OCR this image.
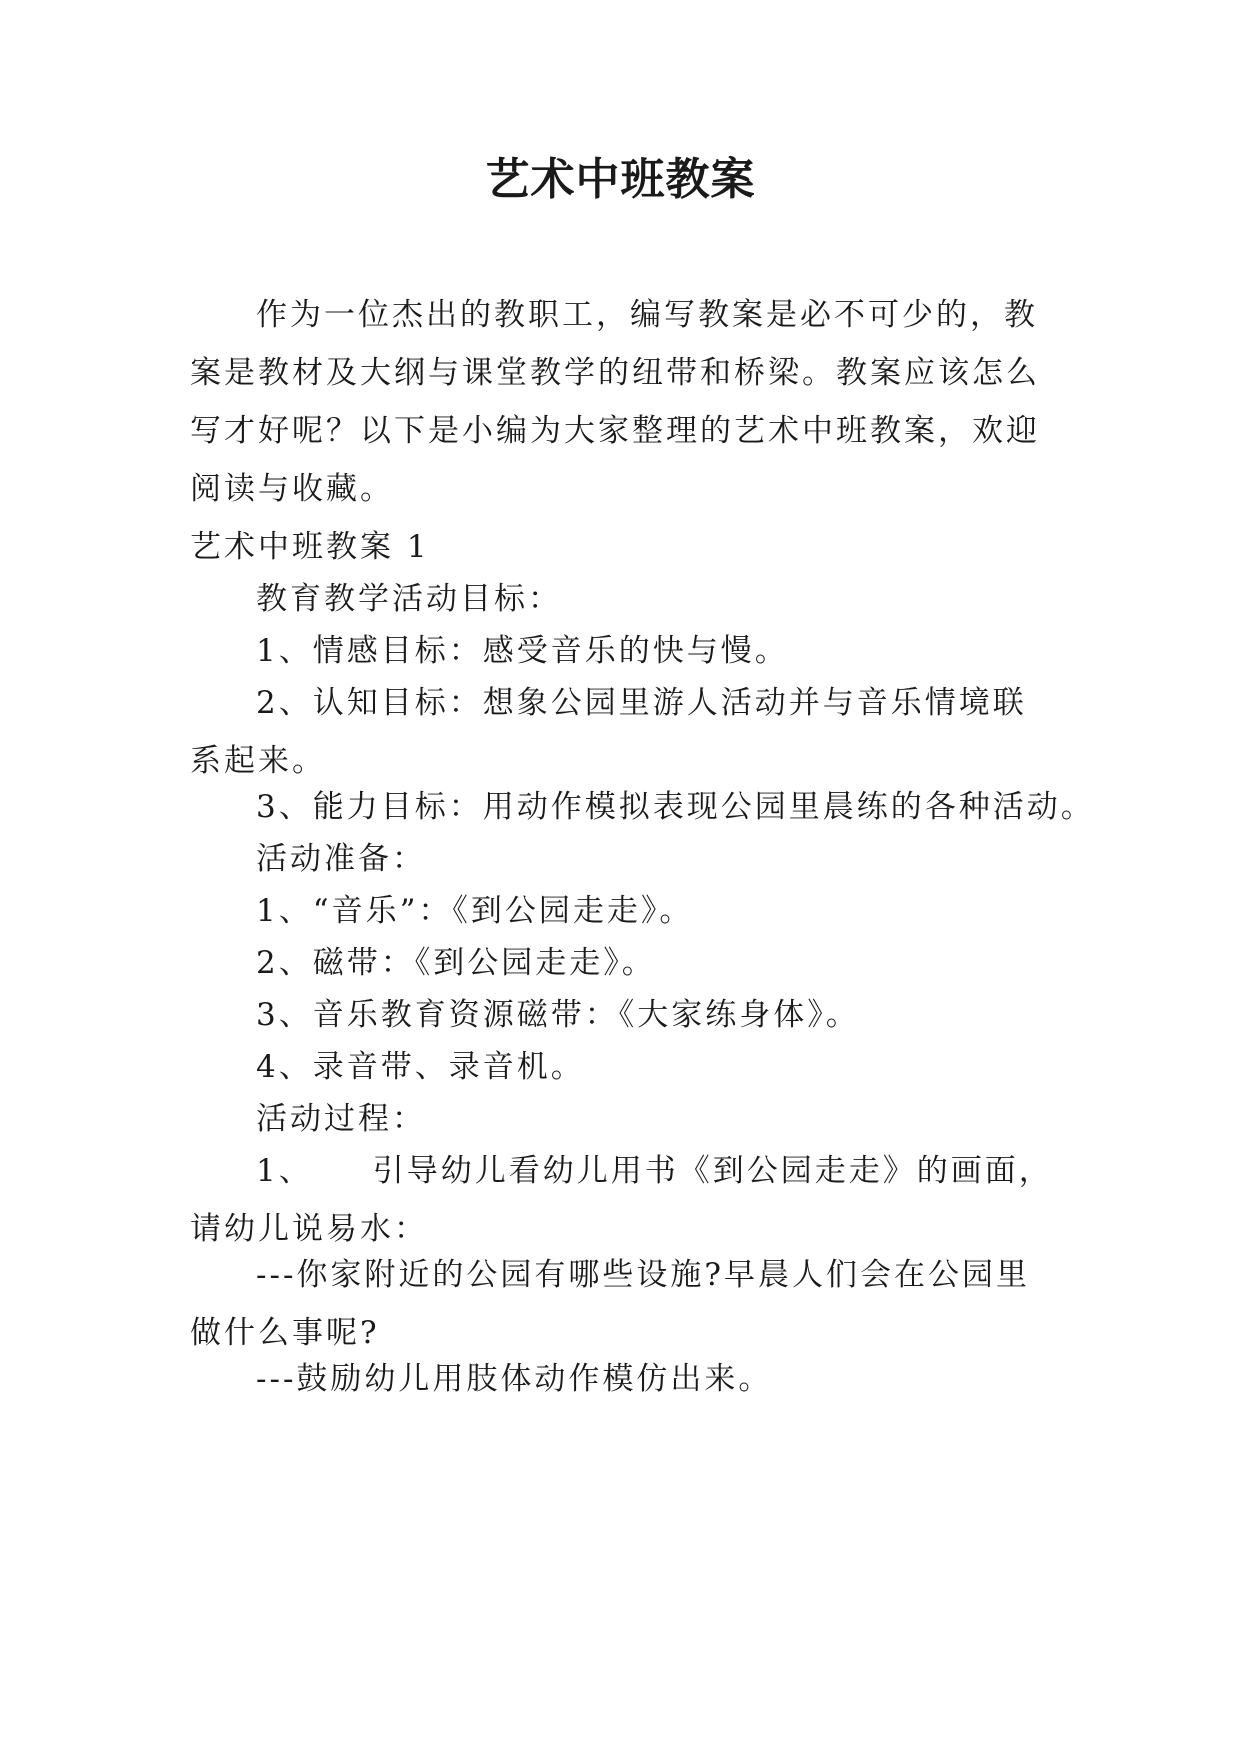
艺术中班教案

作为一位杰出的教职工，编写教案是必不可少的，教案是教材及大纲与课堂教学的纽带和桥梁。教案应该怎么写才好呢？以下是小编为大家整理的艺术中班教案，欢迎阅读与收藏。

艺术中班教案 1

教育教学活动目标：

1、情感目标：感受音乐的快与慢。

2、认知目标：想象公园里游人活动并与音乐情境联系起来。

3、能力目标：用动作模拟表现公园里晨练的各种活动。

活动准备：

1、“音乐”：《到公园走走》。

2、磁带：《到公园走走》。

3、音乐教育资源磁带：《大家练身体》。

4、录音带、录音机。

活动过程：

1、 引导幼儿看幼儿用书《到公园走走》的画面，请幼儿说易水：

---你家附近的公园有哪些设施?早晨人们会在公园里做什么事呢?

---鼓励幼儿用肢体动作模仿出来。
